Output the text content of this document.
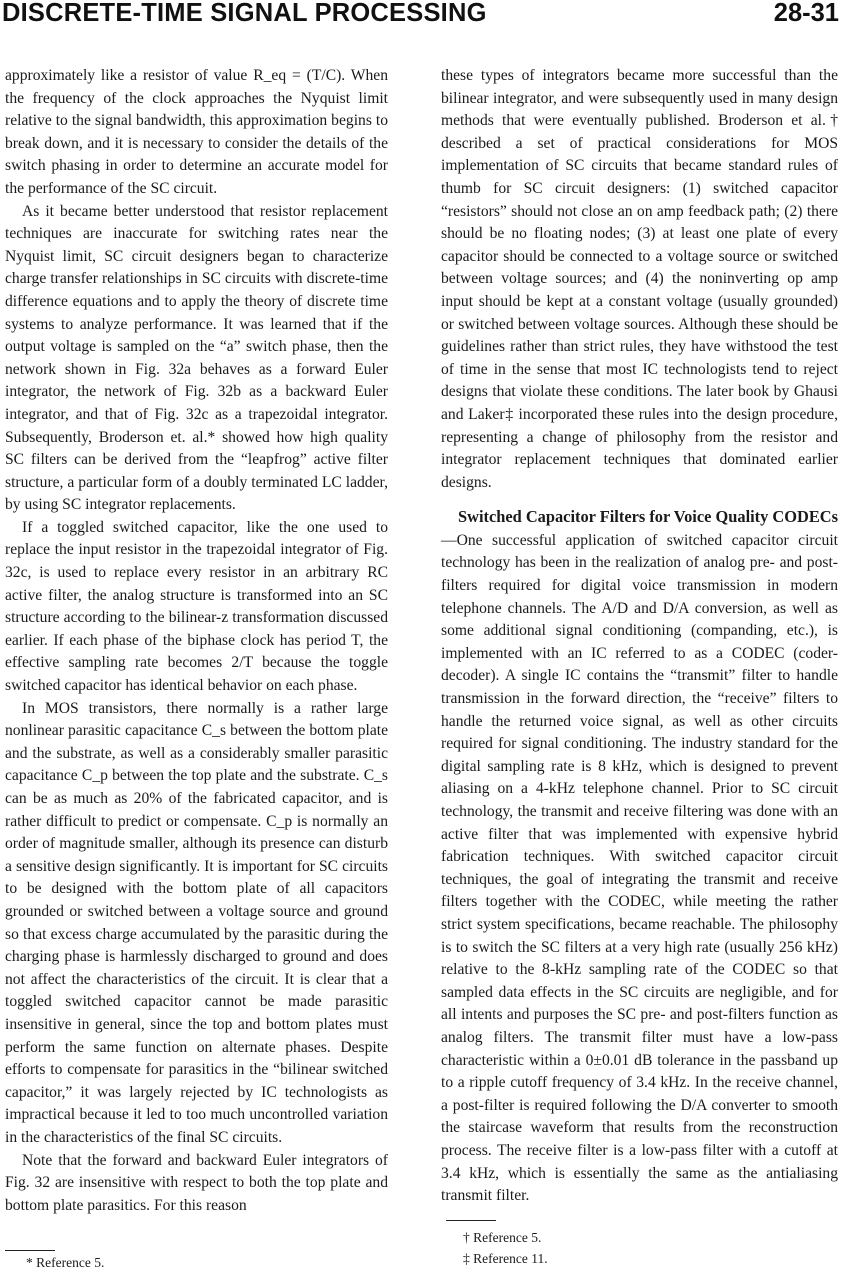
DISCRETE-TIME SIGNAL PROCESSING	28-31

approximately like a resistor of value R_eq = (T/C). When the frequency of the clock approaches the Nyquist limit relative to the signal bandwidth, this approximation begins to break down, and it is necessary to consider the details of the switch phasing in order to determine an accurate model for the performance of the SC circuit.

As it became better understood that resistor replacement techniques are inaccurate for switching rates near the Nyquist limit, SC circuit designers began to characterize charge transfer relationships in SC circuits with discrete-time difference equations and to apply the theory of discrete time systems to analyze performance. It was learned that if the output voltage is sampled on the “a” switch phase, then the network shown in Fig. 32a behaves as a forward Euler integrator, the network of Fig. 32b as a backward Euler integrator, and that of Fig. 32c as a trapezoidal integrator. Subsequently, Broderson et. al.* showed how high quality SC filters can be derived from the “leapfrog” active filter structure, a particular form of a doubly terminated LC ladder, by using SC integrator replacements.

If a toggled switched capacitor, like the one used to replace the input resistor in the trapezoidal integrator of Fig. 32c, is used to replace every resistor in an arbitrary RC active filter, the analog structure is transformed into an SC structure according to the bilinear-z transformation discussed earlier. If each phase of the biphase clock has period T, the effective sampling rate becomes 2/T because the toggle switched capacitor has identical behavior on each phase.

In MOS transistors, there normally is a rather large nonlinear parasitic capacitance C_s between the bottom plate and the substrate, as well as a considerably smaller parasitic capacitance C_p between the top plate and the substrate. C_s can be as much as 20% of the fabricated capacitor, and is rather difficult to predict or compensate. C_p is normally an order of magnitude smaller, although its presence can disturb a sensitive design significantly. It is important for SC circuits to be designed with the bottom plate of all capacitors grounded or switched between a voltage source and ground so that excess charge accumulated by the parasitic during the charging phase is harmlessly discharged to ground and does not affect the characteristics of the circuit. It is clear that a toggled switched capacitor cannot be made parasitic insensitive in general, since the top and bottom plates must perform the same function on alternate phases. Despite efforts to compensate for parasitics in the “bilinear switched capacitor,” it was largely rejected by IC technologists as impractical because it led to too much uncontrolled variation in the characteristics of the final SC circuits.

Note that the forward and backward Euler integrators of Fig. 32 are insensitive with respect to both the top plate and bottom plate parasitics. For this reason

these types of integrators became more successful than the bilinear integrator, and were subsequently used in many design methods that were eventually published. Broderson et al.† described a set of practical considerations for MOS implementation of SC circuits that became standard rules of thumb for SC circuit designers: (1) switched capacitor “resistors” should not close an on amp feedback path; (2) there should be no floating nodes; (3) at least one plate of every capacitor should be connected to a voltage source or switched between voltage sources; and (4) the noninverting op amp input should be kept at a constant voltage (usually grounded) or switched between voltage sources. Although these should be guidelines rather than strict rules, they have withstood the test of time in the sense that most IC technologists tend to reject designs that violate these conditions. The later book by Ghausi and Laker‡ incorporated these rules into the design procedure, representing a change of philosophy from the resistor and integrator replacement techniques that dominated earlier designs.

Switched Capacitor Filters for Voice Quality CODECs—One successful application of switched capacitor circuit technology has been in the realization of analog pre- and post-filters required for digital voice transmission in modern telephone channels. The A/D and D/A conversion, as well as some additional signal conditioning (companding, etc.), is implemented with an IC referred to as a CODEC (coder-decoder). A single IC contains the “transmit” filter to handle transmission in the forward direction, the “receive” filters to handle the returned voice signal, as well as other circuits required for signal conditioning. The industry standard for the digital sampling rate is 8 kHz, which is designed to prevent aliasing on a 4-kHz telephone channel. Prior to SC circuit technology, the transmit and receive filtering was done with an active filter that was implemented with expensive hybrid fabrication techniques. With switched capacitor circuit techniques, the goal of integrating the transmit and receive filters together with the CODEC, while meeting the rather strict system specifications, became reachable. The philosophy is to switch the SC filters at a very high rate (usually 256 kHz) relative to the 8-kHz sampling rate of the CODEC so that sampled data effects in the SC circuits are negligible, and for all intents and purposes the SC pre- and post-filters function as analog filters. The transmit filter must have a low-pass characteristic within a 0±0.01 dB tolerance in the passband up to a ripple cutoff frequency of 3.4 kHz. In the receive channel, a post-filter is required following the D/A converter to smooth the staircase waveform that results from the reconstruction process. The receive filter is a low-pass filter with a cutoff at 3.4 kHz, which is essentially the same as the antialiasing transmit filter.

* Reference 5.
† Reference 5.
‡ Reference 11.
